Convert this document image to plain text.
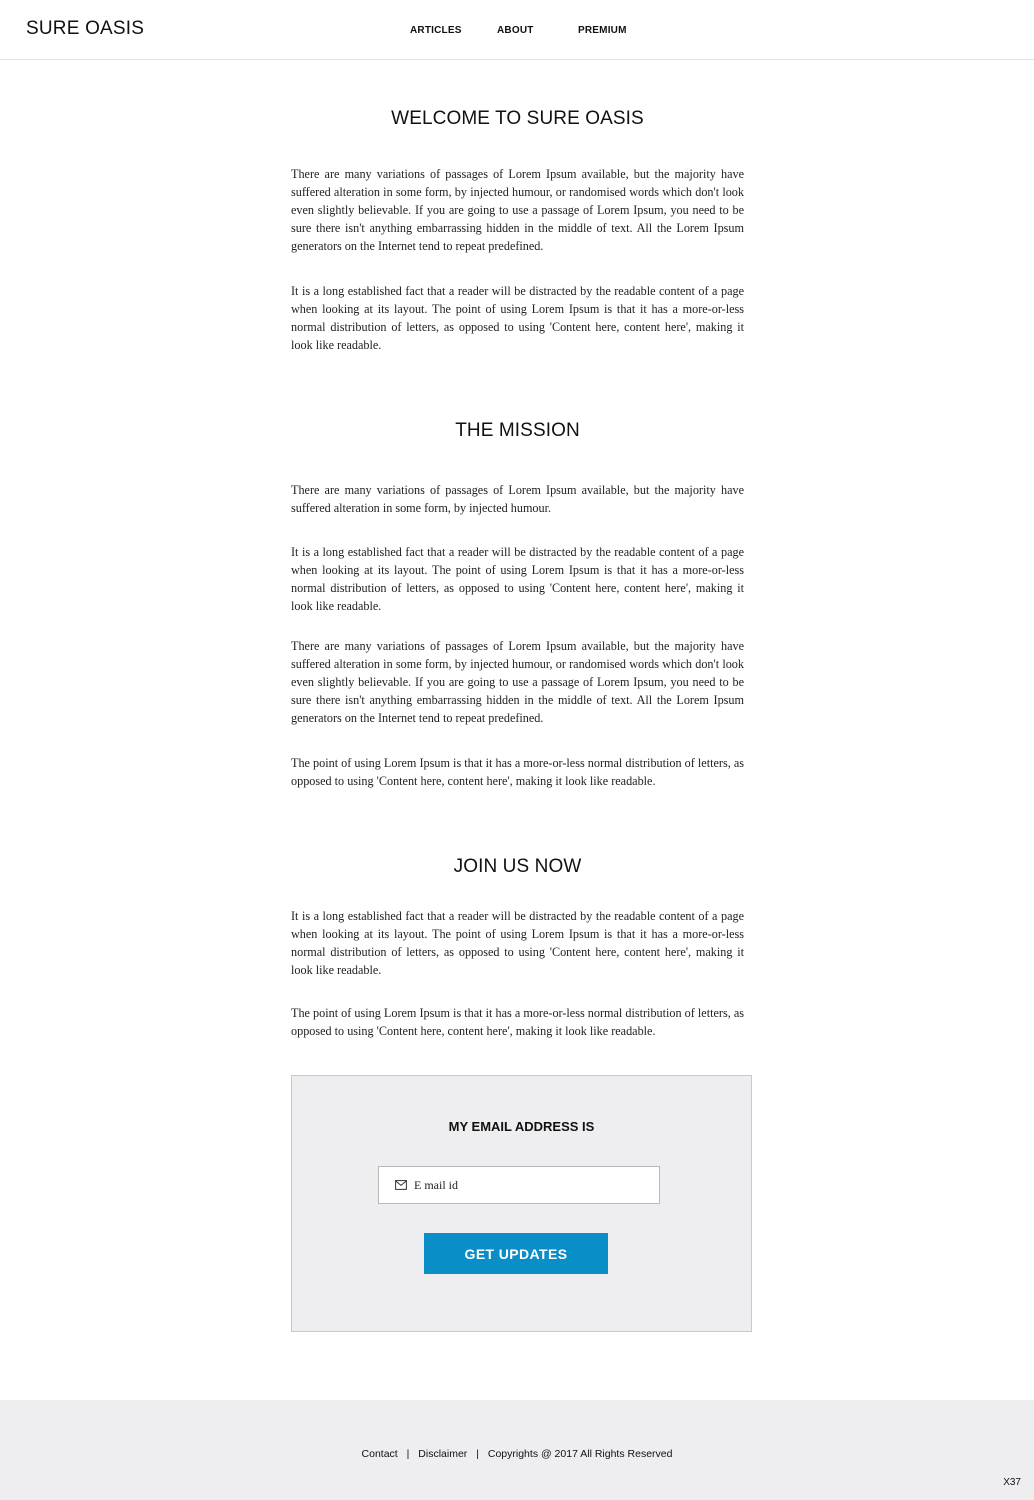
SURE OASIS	ARTICLES	ABOUT	PREMIUM
WELCOME TO SURE OASIS

There are many variations of passages of Lorem Ipsum available, but the majority have suffered alteration in some form, by injected humour, or randomised words which don't look even slightly believable. If you are going to use a passage of Lorem Ipsum, you need to be sure there isn't anything embarrassing hidden in the middle of text. All the Lorem Ipsum generators on the Internet tend to repeat predefined.

It is a long established fact that a reader will be distracted by the readable content of a page when looking at its layout. The point of using Lorem Ipsum is that it has a more-or-less normal distribution of letters, as opposed to using 'Content here, content here', making it look like readable.

THE MISSION

There are many variations of passages of Lorem Ipsum available, but the majority have suffered alteration in some form, by injected humour.

It is a long established fact that a reader will be distracted by the readable content of a page when looking at its layout. The point of using Lorem Ipsum is that it has a more-or-less normal distribution of letters, as opposed to using 'Content here, content here', making it look like readable.

There are many variations of passages of Lorem Ipsum available, but the majority have suffered alteration in some form, by injected humour, or randomised words which don't look even slightly believable. If you are going to use a passage of Lorem Ipsum, you need to be sure there isn't anything embarrassing hidden in the middle of text. All the Lorem Ipsum generators on the Internet tend to repeat predefined.

The point of using Lorem Ipsum is that it has a more-or-less normal distribution of letters, as opposed to using 'Content here, content here', making it look like readable.

JOIN US NOW

It is a long established fact that a reader will be distracted by the readable content of a page when looking at its layout. The point of using Lorem Ipsum is that it has a more-or-less normal distribution of letters, as opposed to using 'Content here, content here', making it look like readable.

The point of using Lorem Ipsum is that it has a more-or-less normal distribution of letters, as opposed to using 'Content here, content here', making it look like readable.

MY EMAIL ADDRESS IS
E mail id
GET UPDATES
Contact | Disclaimer | Copyrights @ 2017 All Rights Reserved
X37
